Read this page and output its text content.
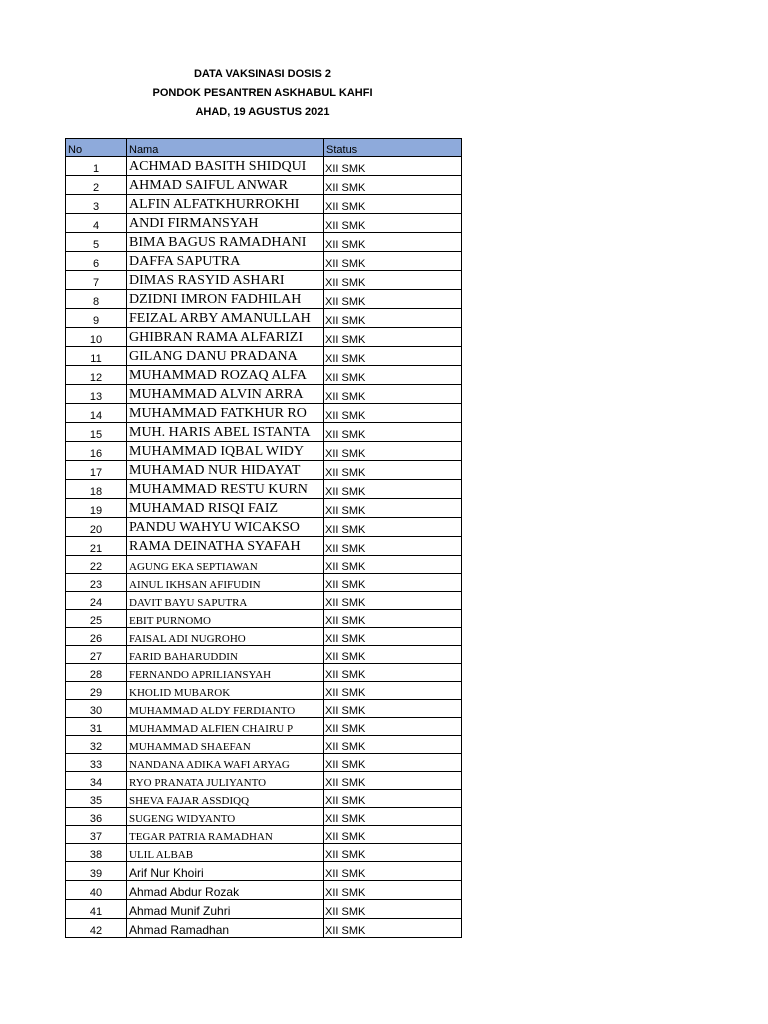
DATA VAKSINASI DOSIS 2
PONDOK PESANTREN ASKHABUL KAHFI
AHAD, 19 AGUSTUS 2021
No	Nama	Status
1	ACHMAD BASITH SHIDQUI	XII SMK
2	AHMAD SAIFUL ANWAR	XII SMK
3	ALFIN ALFATKHURROKHI	XII SMK
4	ANDI FIRMANSYAH	XII SMK
5	BIMA BAGUS RAMADHANI	XII SMK
6	DAFFA SAPUTRA	XII SMK
7	DIMAS RASYID ASHARI	XII SMK
8	DZIDNI IMRON FADHILAH	XII SMK
9	FEIZAL ARBY AMANULLAH	XII SMK
10	GHIBRAN RAMA ALFARIZI	XII SMK
11	GILANG DANU PRADANA	XII SMK
12	MUHAMMAD ROZAQ ALFA	XII SMK
13	MUHAMMAD ALVIN ARRA	XII SMK
14	MUHAMMAD FATKHUR RO	XII SMK
15	MUH. HARIS ABEL ISTANTA	XII SMK
16	MUHAMMAD IQBAL WIDY	XII SMK
17	MUHAMAD NUR HIDAYAT	XII SMK
18	MUHAMMAD RESTU KURN	XII SMK
19	MUHAMAD RISQI FAIZ	XII SMK
20	PANDU WAHYU WICAKSO	XII SMK
21	RAMA DEINATHA SYAFAH	XII SMK
22	AGUNG EKA SEPTIAWAN	XII SMK
23	AINUL IKHSAN AFIFUDIN	XII SMK
24	DAVIT BAYU SAPUTRA	XII SMK
25	EBIT PURNOMO	XII SMK
26	FAISAL ADI NUGROHO	XII SMK
27	FARID BAHARUDDIN	XII SMK
28	FERNANDO APRILIANSYAH	XII SMK
29	KHOLID MUBAROK	XII SMK
30	MUHAMMAD ALDY FERDIANTO	XII SMK
31	MUHAMMAD ALFIEN CHAIRU P	XII SMK
32	MUHAMMAD SHAEFAN	XII SMK
33	NANDANA ADIKA WAFI ARYAG	XII SMK
34	RYO PRANATA JULIYANTO	XII SMK
35	SHEVA FAJAR ASSDIQQ	XII SMK
36	SUGENG WIDYANTO	XII SMK
37	TEGAR PATRIA RAMADHAN	XII SMK
38	ULIL ALBAB	XII SMK
39	Arif Nur Khoiri	XII SMK
40	Ahmad Abdur Rozak	XII SMK
41	Ahmad Munif Zuhri	XII SMK
42	Ahmad Ramadhan	XII SMK
